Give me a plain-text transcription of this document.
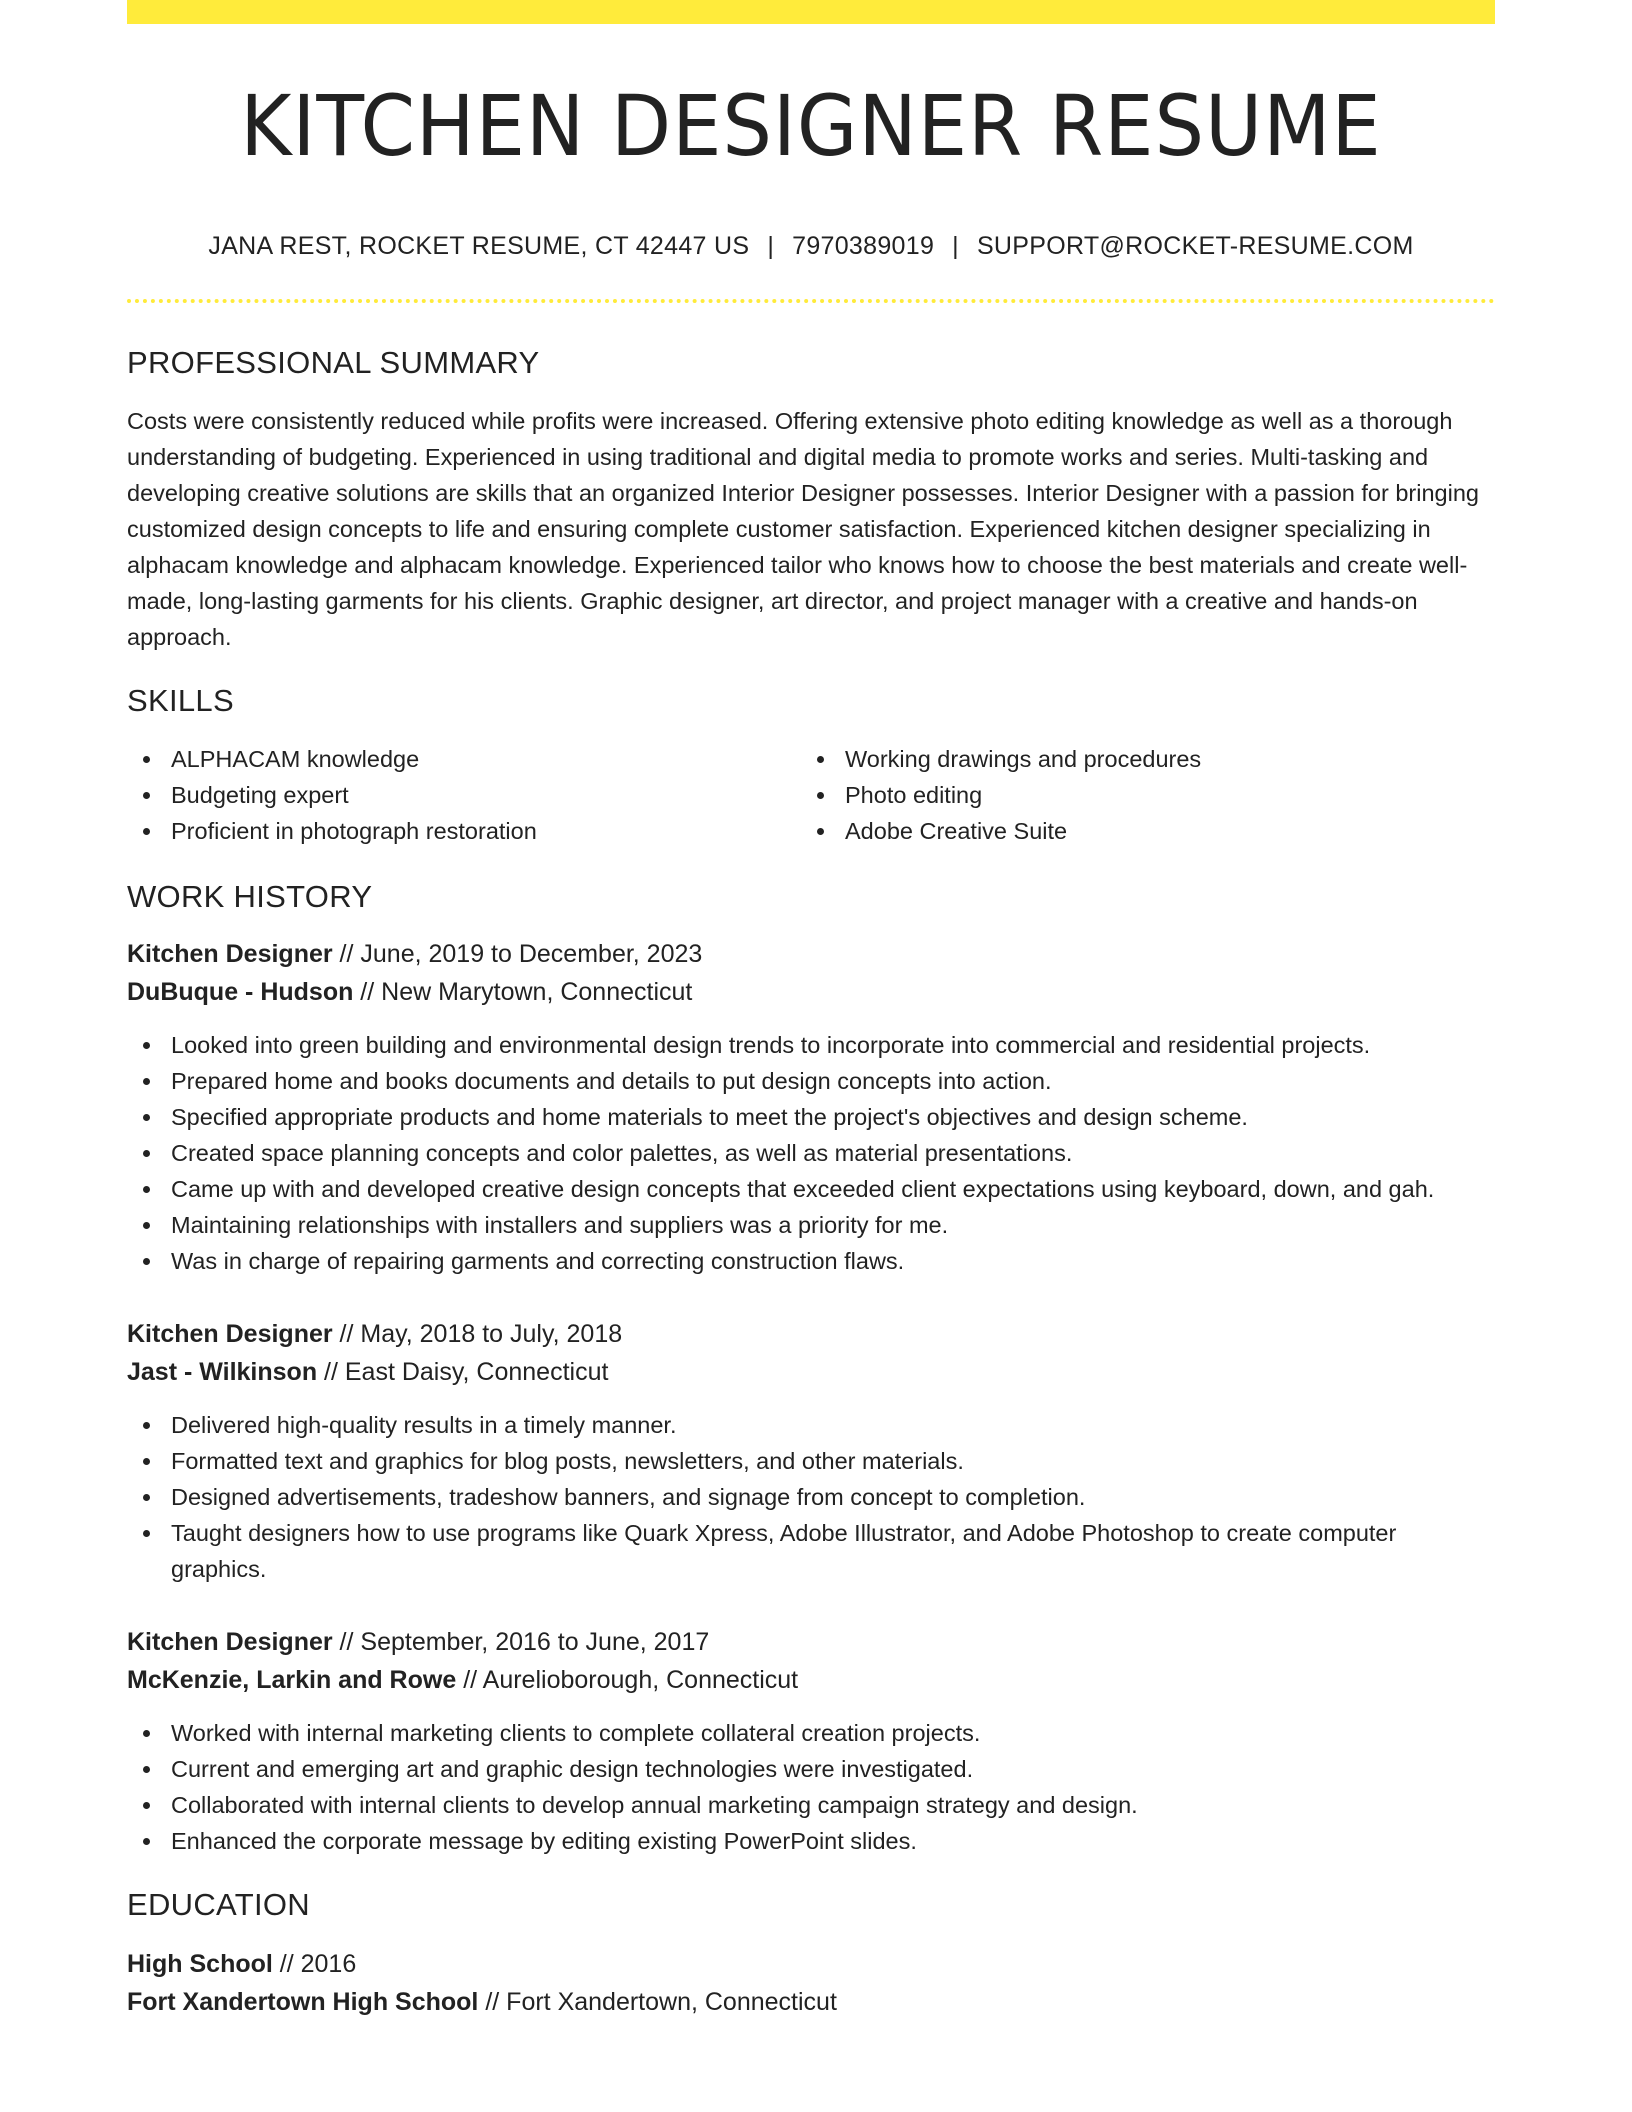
KITCHEN DESIGNER RESUME
JANA REST, ROCKET RESUME, CT 42447 US | 7970389019 | SUPPORT@ROCKET-RESUME.COM
PROFESSIONAL SUMMARY

Costs were consistently reduced while profits were increased. Offering extensive photo editing knowledge as well as a thorough understanding of budgeting. Experienced in using traditional and digital media to promote works and series. Multi-tasking and developing creative solutions are skills that an organized Interior Designer possesses. Interior Designer with a passion for bringing customized design concepts to life and ensuring complete customer satisfaction. Experienced kitchen designer specializing in alphacam knowledge and alphacam knowledge. Experienced tailor who knows how to choose the best materials and create well-made, long-lasting garments for his clients. Graphic designer, art director, and project manager with a creative and hands-on approach.

SKILLS
ALPHACAM knowledge
Budgeting expert
Proficient in photograph restoration
Working drawings and procedures
Photo editing
Adobe Creative Suite
WORK HISTORY
Kitchen Designer // June, 2019 to December, 2023
DuBuque - Hudson // New Marytown, Connecticut
Looked into green building and environmental design trends to incorporate into commercial and residential projects.
Prepared home and books documents and details to put design concepts into action.
Specified appropriate products and home materials to meet the project's objectives and design scheme.
Created space planning concepts and color palettes, as well as material presentations.
Came up with and developed creative design concepts that exceeded client expectations using keyboard, down, and gah.
Maintaining relationships with installers and suppliers was a priority for me.
Was in charge of repairing garments and correcting construction flaws.
Kitchen Designer // May, 2018 to July, 2018
Jast - Wilkinson // East Daisy, Connecticut
Delivered high-quality results in a timely manner.
Formatted text and graphics for blog posts, newsletters, and other materials.
Designed advertisements, tradeshow banners, and signage from concept to completion.
Taught designers how to use programs like Quark Xpress, Adobe Illustrator, and Adobe Photoshop to create computer graphics.
Kitchen Designer // September, 2016 to June, 2017
McKenzie, Larkin and Rowe // Aurelioborough, Connecticut
Worked with internal marketing clients to complete collateral creation projects.
Current and emerging art and graphic design technologies were investigated.
Collaborated with internal clients to develop annual marketing campaign strategy and design.
Enhanced the corporate message by editing existing PowerPoint slides.
EDUCATION
High School // 2016
Fort Xandertown High School // Fort Xandertown, Connecticut
